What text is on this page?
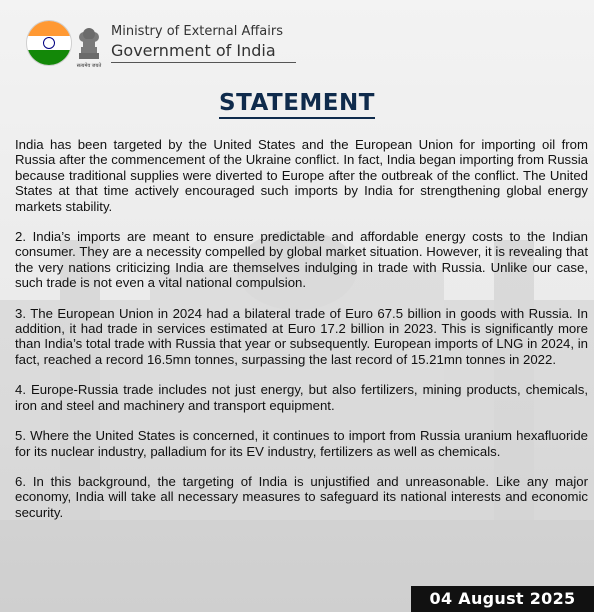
सत्यमेव जयते
Ministry of External Affairs
Government of India
STATEMENT

India has been targeted by the United States and the European Union for importing oil from Russia after the commencement of the Ukraine conflict. In fact, India began importing from Russia because traditional supplies were diverted to Europe after the outbreak of the conflict. The United States at that time actively encouraged such imports by India for strengthening global energy markets stability.

2. India’s imports are meant to ensure predictable and affordable energy costs to the Indian consumer. They are a necessity compelled by global market situation. However, it is revealing that the very nations criticizing India are themselves indulging in trade with Russia. Unlike our case, such trade is not even a vital national compulsion.

3. The European Union in 2024 had a bilateral trade of Euro 67.5 billion in goods with Russia. In addition, it had trade in services estimated at Euro 17.2 billion in 2023. This is significantly more than India’s total trade with Russia that year or subsequently. European imports of LNG in 2024, in fact, reached a record 16.5mn tonnes, surpassing the last record of 15.21mn tonnes in 2022.

4. Europe-Russia trade includes not just energy, but also fertilizers, mining products, chemicals, iron and steel and machinery and transport equipment.

5. Where the United States is concerned, it continues to import from Russia uranium hexafluoride for its nuclear industry, palladium for its EV industry, fertilizers as well as chemicals.

6. In this background, the targeting of India is unjustified and unreasonable. Like any major economy, India will take all necessary measures to safeguard its national interests and economic security.

04 August 2025
